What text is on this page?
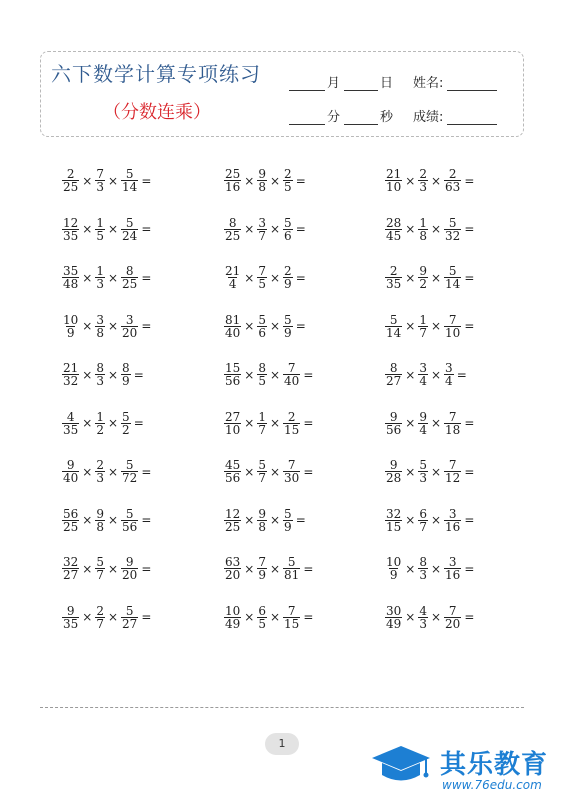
六下数学计算专项练习
（分数连乘）
月	日 姓名:
分	秒 成绩:
$\frac{2}{25} \times \frac{7}{3} \times \frac{5}{14}$ =	$\frac{25}{16} \times \frac{9}{8} \times \frac{2}{5}$ =	$\frac{21}{10} \times \frac{2}{3} \times \frac{2}{63}$ =
$\frac{12}{35} \times \frac{1}{5} \times \frac{5}{24}$ =	$\frac{8}{25} \times \frac{3}{7} \times \frac{5}{6}$ =	$\frac{28}{45} \times \frac{1}{8} \times \frac{5}{32}$ =
$\frac{35}{48} \times \frac{1}{3} \times \frac{8}{25}$ =	$\frac{21}{4} \times \frac{7}{5} \times \frac{2}{9}$ =	$\frac{2}{35} \times \frac{9}{2} \times \frac{5}{14}$ =
$\frac{10}{9} \times \frac{3}{8} \times \frac{3}{20}$ =	$\frac{81}{40} \times \frac{5}{6} \times \frac{5}{9}$ =	$\frac{5}{14} \times \frac{1}{7} \times \frac{7}{10}$ =
$\frac{21}{32} \times \frac{8}{3} \times \frac{8}{9}$ =	$\frac{15}{56} \times \frac{8}{5} \times \frac{7}{40}$ =	$\frac{8}{27} \times \frac{3}{4} \times \frac{3}{4}$ =
$\frac{4}{35} \times \frac{1}{2} \times \frac{5}{2}$ =	$\frac{27}{10} \times \frac{1}{7} \times \frac{2}{15}$ =	$\frac{9}{56} \times \frac{9}{4} \times \frac{7}{18}$ =
$\frac{9}{40} \times \frac{2}{3} \times \frac{5}{72}$ =	$\frac{45}{56} \times \frac{5}{7} \times \frac{7}{30}$ =	$\frac{9}{28} \times \frac{5}{3} \times \frac{7}{12}$ =
$\frac{56}{25} \times \frac{9}{8} \times \frac{5}{56}$ =	$\frac{12}{25} \times \frac{9}{8} \times \frac{5}{9}$ =	$\frac{32}{15} \times \frac{6}{7} \times \frac{3}{16}$ =
$\frac{32}{27} \times \frac{5}{7} \times \frac{9}{20}$ =	$\frac{63}{20} \times \frac{7}{9} \times \frac{5}{81}$ =	$\frac{10}{9} \times \frac{8}{3} \times \frac{3}{16}$ =
$\frac{9}{35} \times \frac{2}{7} \times \frac{5}{27}$ =	$\frac{10}{49} \times \frac{6}{5} \times \frac{7}{15}$ =	$\frac{30}{49} \times \frac{4}{3} \times \frac{7}{20}$ =
1
其乐教育
www.76edu.com
